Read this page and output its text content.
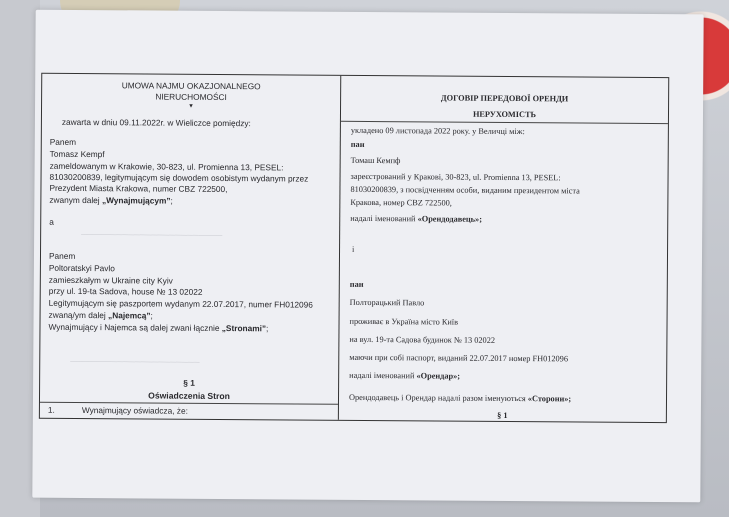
UMOWA NAJMU OKAZJONALNEGO
NIERUCHOMOŚCI
▾
zawarta w dniu 09.11.2022r. w Wieliczce pomiędzy:
Panem
Tomasz Kempf
zameldowanym w Krakowie, 30-823, ul. Promienna 13, PESEL:
81030200839, legitymującym się dowodem osobistym wydanym przez
Prezydent Miasta Krakowa, numer CBZ 722500,
zwanym dalej „Wynajmującym”;
a
────────────────────────
Panem
Poltoratskyi Pavlo
zamieszkałym w Ukraine city Kyiv
przy ul. 19-ta Sadova, house № 13 02022
Legitymującym się paszportem wydanym 22.07.2017, numer FH012096
zwaną/ym dalej „Najemcą”;
Wynajmujący i Najemca są dalej zwani łącznie „Stronami”;
──────────────────────
§ 1
Oświadczenia Stron
1.	Wynajmujący oświadcza, że:
ДОГОВІР ПЕРЕДОВОЇ ОРЕНДИ
НЕРУХОМІСТЬ
укладено 09 листопада 2022 року. у Величці між:
пан
Томаш Кемпф
зареєстрований у Кракові, 30-823, ul. Promienna 13, PESEL:
81030200839, з посвідченням особи, виданим президентом міста
Кракова, номер CBZ 722500,
надалі іменований «Орендодавець»;
і
пан
Полторацький Павло
проживає в Україна місто Київ
на вул. 19-та Садова будинок № 13 02022
маючи при собі паспорт, виданий 22.07.2017 номер FH012096
надалі іменований «Орендар»;
Орендодавець і Орендар надалі разом іменуються «Сторони»;
§ 1
